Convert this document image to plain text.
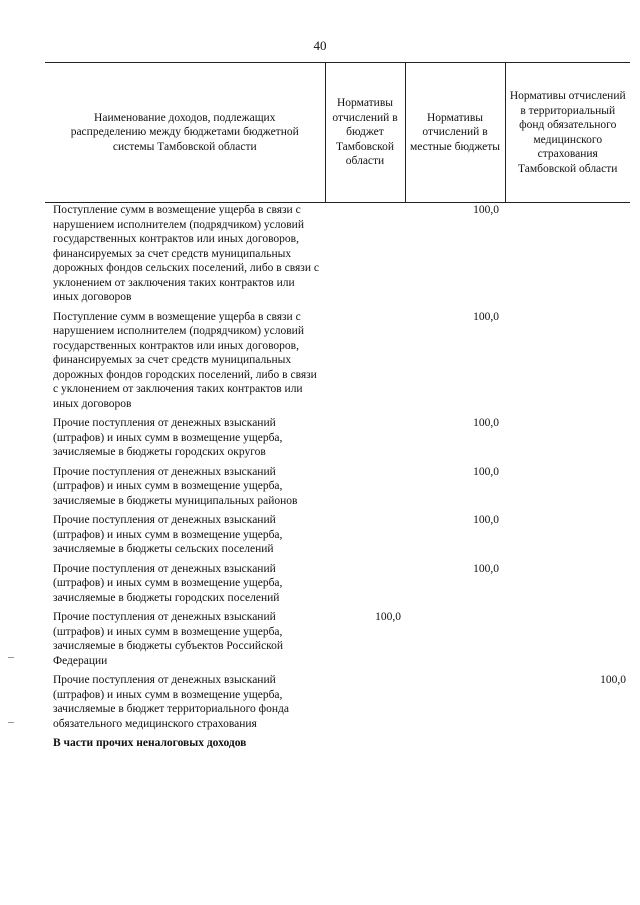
40
Наименование доходов, подлежащих распределению между бюджетами бюджетной системы Тамбовской области	Нормативы отчислений в бюджет Тамбовской области	Нормативы отчислений в местные бюджеты	Нормативы отчислений в территориальный фонд обязательного медицинского страхования Тамбовской области
Поступление сумм в возмещение ущерба в связи с нарушением исполнителем (подрядчиком) условий государственных контрактов или иных договоров, финансируемых за счет средств муниципальных дорожных фондов сельских поселений, либо в связи с уклонением от заключения таких контрактов или иных договоров		100,0	
Поступление сумм в возмещение ущерба в связи с нарушением исполнителем (подрядчиком) условий государственных контрактов или иных договоров, финансируемых за счет средств муниципальных дорожных фондов городских поселений, либо в связи с уклонением от заключения таких контрактов или иных договоров		100,0	
Прочие поступления от денежных взысканий (штрафов) и иных сумм в возмещение ущерба, зачисляемые в бюджеты городских округов		100,0	
Прочие поступления от денежных взысканий (штрафов) и иных сумм в возмещение ущерба, зачисляемые в бюджеты муниципальных районов		100,0	
Прочие поступления от денежных взысканий (штрафов) и иных сумм в возмещение ущерба, зачисляемые в бюджеты сельских поселений		100,0	
Прочие поступления от денежных взысканий (штрафов) и иных сумм в возмещение ущерба, зачисляемые в бюджеты городских поселений		100,0	
Прочие поступления от денежных взысканий (штрафов) и иных сумм в возмещение ущерба, зачисляемые в бюджеты субъектов Российской Федерации	100,0		
Прочие поступления от денежных взысканий (штрафов) и иных сумм в возмещение ущерба, зачисляемые в бюджет территориального фонда обязательного медицинского страхования			100,0
В части прочих неналоговых доходов			
